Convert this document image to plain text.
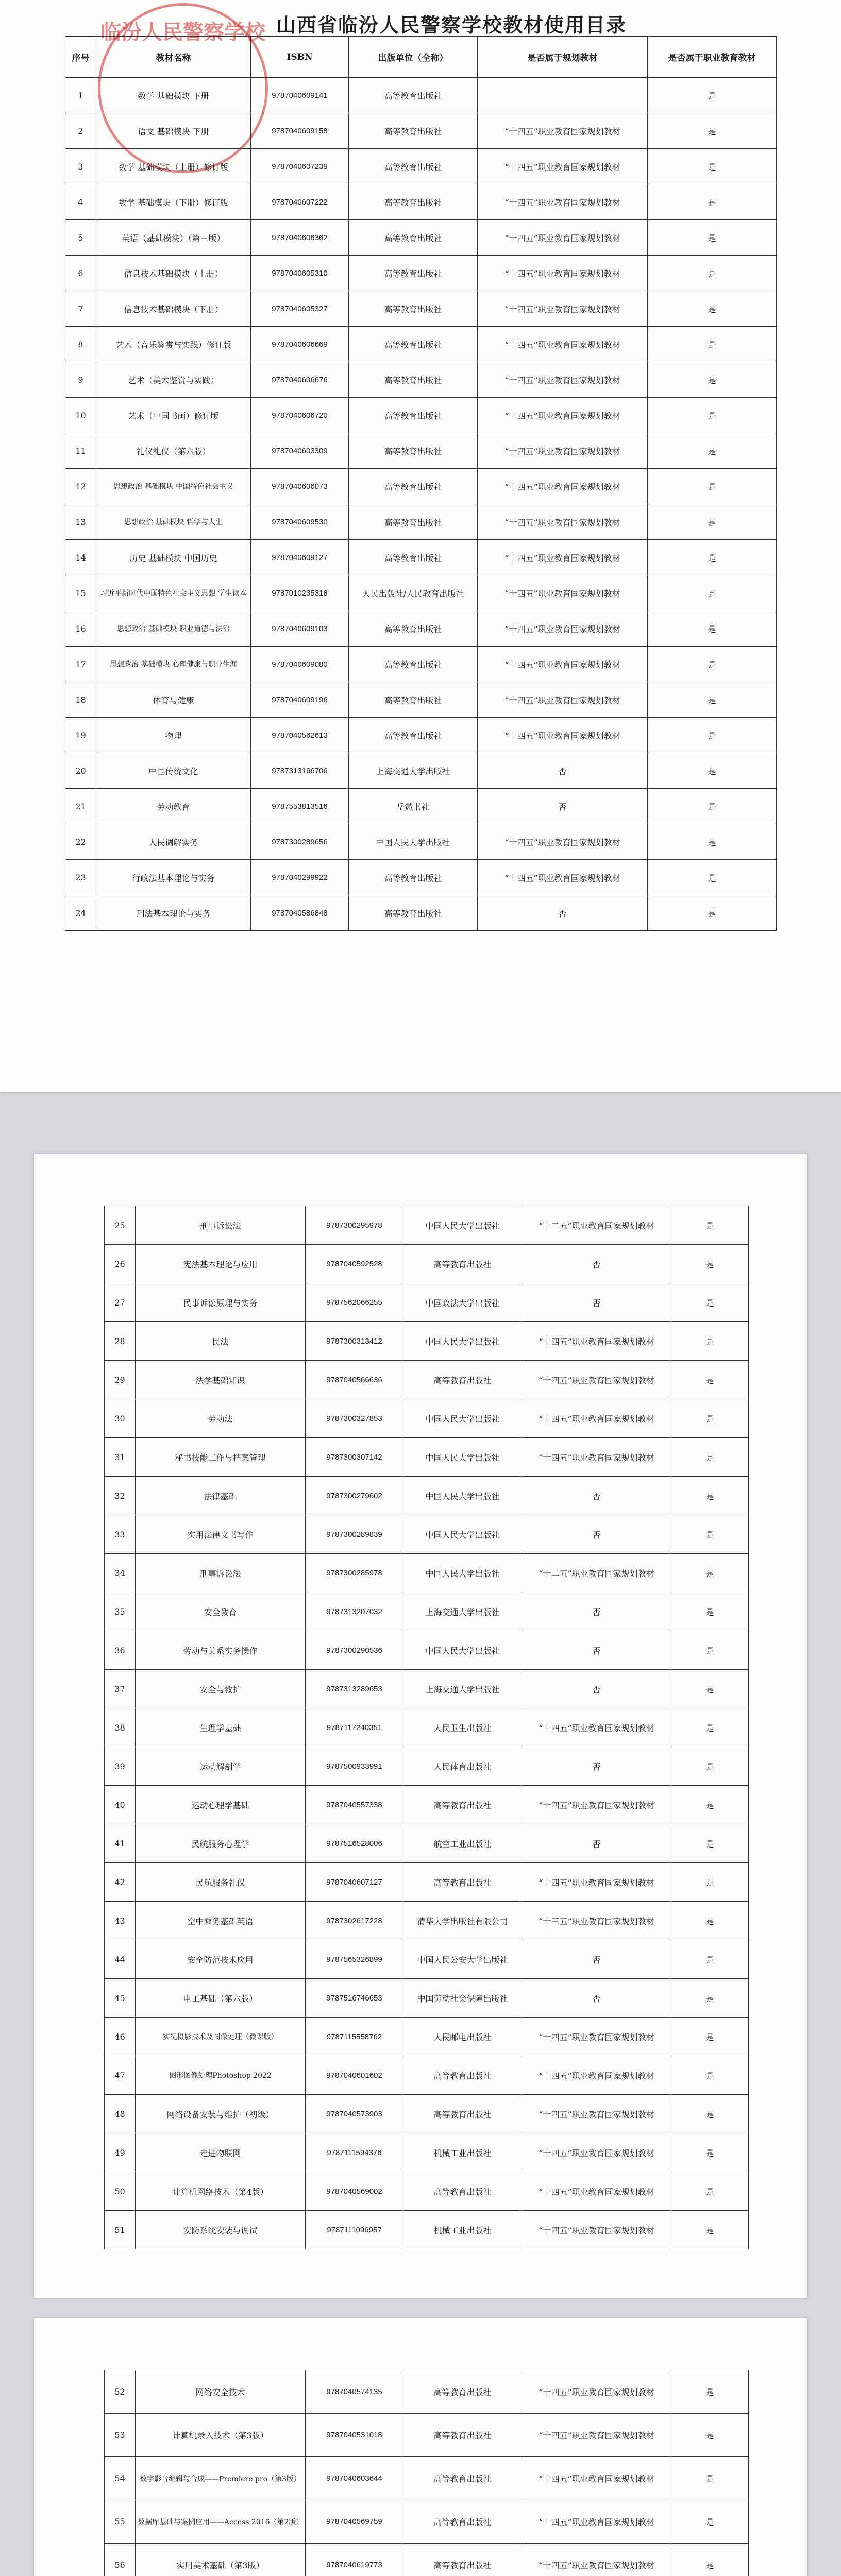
临汾人民警察学校 山西省临汾人民警察学校教材使用目录
序号	教材名称	ISBN	出版单位（全称）	是否属于规划教材	是否属于职业教育教材
1	数学 基础模块 下册	9787040609141	高等教育出版社		是
2	语文 基础模块 下册	9787040609158	高等教育出版社	“十四五”职业教育国家规划教材	是
3	数学 基础模块（上册）修订版	9787040607239	高等教育出版社	“十四五”职业教育国家规划教材	是
4	数学 基础模块（下册）修订版	9787040607222	高等教育出版社	“十四五”职业教育国家规划教材	是
5	英语（基础模块）（第三版）	9787040606362	高等教育出版社	“十四五”职业教育国家规划教材	是
6	信息技术基础模块（上册）	9787040605310	高等教育出版社	“十四五”职业教育国家规划教材	是
7	信息技术基础模块（下册）	9787040605327	高等教育出版社	“十四五”职业教育国家规划教材	是
8	艺术（音乐鉴赏与实践）修订版	9787040606669	高等教育出版社	“十四五”职业教育国家规划教材	是
9	艺术（美术鉴赏与实践）	9787040606676	高等教育出版社	“十四五”职业教育国家规划教材	是
10	艺术（中国书画）修订版	9787040606720	高等教育出版社	“十四五”职业教育国家规划教材	是
11	礼仪礼仪（第六版）	9787040603309	高等教育出版社	“十四五”职业教育国家规划教材	是
12	思想政治 基础模块 中国特色社会主义	9787040606073	高等教育出版社	“十四五”职业教育国家规划教材	是
13	思想政治 基础模块 哲学与人生	9787040609530	高等教育出版社	“十四五”职业教育国家规划教材	是
14	历史 基础模块 中国历史	9787040609127	高等教育出版社	“十四五”职业教育国家规划教材	是
15	习近平新时代中国特色社会主义思想 学生读本	9787010235318	人民出版社/人民教育出版社	“十四五”职业教育国家规划教材	是
16	思想政治 基础模块 职业道德与法治	9787040609103	高等教育出版社	“十四五”职业教育国家规划教材	是
17	思想政治 基础模块 心理健康与职业生涯	9787040609080	高等教育出版社	“十四五”职业教育国家规划教材	是
18	体育与健康	9787040609196	高等教育出版社	“十四五”职业教育国家规划教材	是
19	物理	9787040562613	高等教育出版社	“十四五”职业教育国家规划教材	是
20	中国传统文化	9787313166706	上海交通大学出版社	否	是
21	劳动教育	9787553813516	岳麓书社	否	是
22	人民调解实务	9787300289656	中国人民大学出版社	“十四五”职业教育国家规划教材	是
23	行政法基本理论与实务	9787040299922	高等教育出版社	“十四五”职业教育国家规划教材	是
24	刑法基本理论与实务	9787040586848	高等教育出版社	否	是
25	刑事诉讼法	9787300295978	中国人民大学出版社	“十二五”职业教育国家规划教材	是
26	宪法基本理论与应用	9787040592528	高等教育出版社	否	是
27	民事诉讼原理与实务	9787562066255	中国政法大学出版社	否	是
28	民法	9787300313412	中国人民大学出版社	“十四五”职业教育国家规划教材	是
29	法学基础知识	9787040566636	高等教育出版社	“十四五”职业教育国家规划教材	是
30	劳动法	9787300327853	中国人民大学出版社	“十四五”职业教育国家规划教材	是
31	秘书技能工作与档案管理	9787300307142	中国人民大学出版社	“十四五”职业教育国家规划教材	是
32	法律基础	9787300279602	中国人民大学出版社	否	是
33	实用法律文书写作	9787300289839	中国人民大学出版社	否	是
34	刑事诉讼法	9787300285978	中国人民大学出版社	“十二五”职业教育国家规划教材	是
35	安全教育	9787313207032	上海交通大学出版社	否	是
36	劳动与关系实务操作	9787300290536	中国人民大学出版社	否	是
37	安全与救护	9787313289653	上海交通大学出版社	否	是
38	生理学基础	9787117240351	人民卫生出版社	“十四五”职业教育国家规划教材	是
39	运动解剖学	9787500933991	人民体育出版社	否	是
40	运动心理学基础	9787040557338	高等教育出版社	“十四五”职业教育国家规划教材	是
41	民航服务心理学	9787516528006	航空工业出版社	否	是
42	民航服务礼仪	9787040607127	高等教育出版社	“十四五”职业教育国家规划教材	是
43	空中乘务基础英语	9787302617228	清华大学出版社有限公司	“十三五”职业教育国家规划教材	是
44	安全防范技术应用	9787565326899	中国人民公安大学出版社	否	是
45	电工基础（第六版）	9787516746653	中国劳动社会保障出版社	否	是
46	实况摄影技术及图像处理（微课版）	9787115558762	人民邮电出版社	“十四五”职业教育国家规划教材	是
47	图形图像处理Photoshop 2022	9787040601602	高等教育出版社	“十四五”职业教育国家规划教材	是
48	网络设备安装与维护（初级）	9787040573903	高等教育出版社	“十四五”职业教育国家规划教材	是
49	走进物联网	9787111594376	机械工业出版社	“十四五”职业教育国家规划教材	是
50	计算机网络技术（第4版）	9787040569002	高等教育出版社	“十四五”职业教育国家规划教材	是
51	安防系统安装与调试	9787111096957	机械工业出版社	“十四五”职业教育国家规划教材	是
52	网络安全技术	9787040574135	高等教育出版社	“十四五”职业教育国家规划教材	是
53	计算机录入技术（第3版）	9787040531018	高等教育出版社	“十四五”职业教育国家规划教材	是
54	数字影音编辑与合成——Premiere pro（第3版）	9787040603644	高等教育出版社	“十四五”职业教育国家规划教材	是
55	数据库基础与案例应用——Access 2016（第2版）	9787040569759	高等教育出版社	“十四五”职业教育国家规划教材	是
56	实用美术基础（第3版）	9787040619773	高等教育出版社	“十四五”职业教育国家规划教材	是
